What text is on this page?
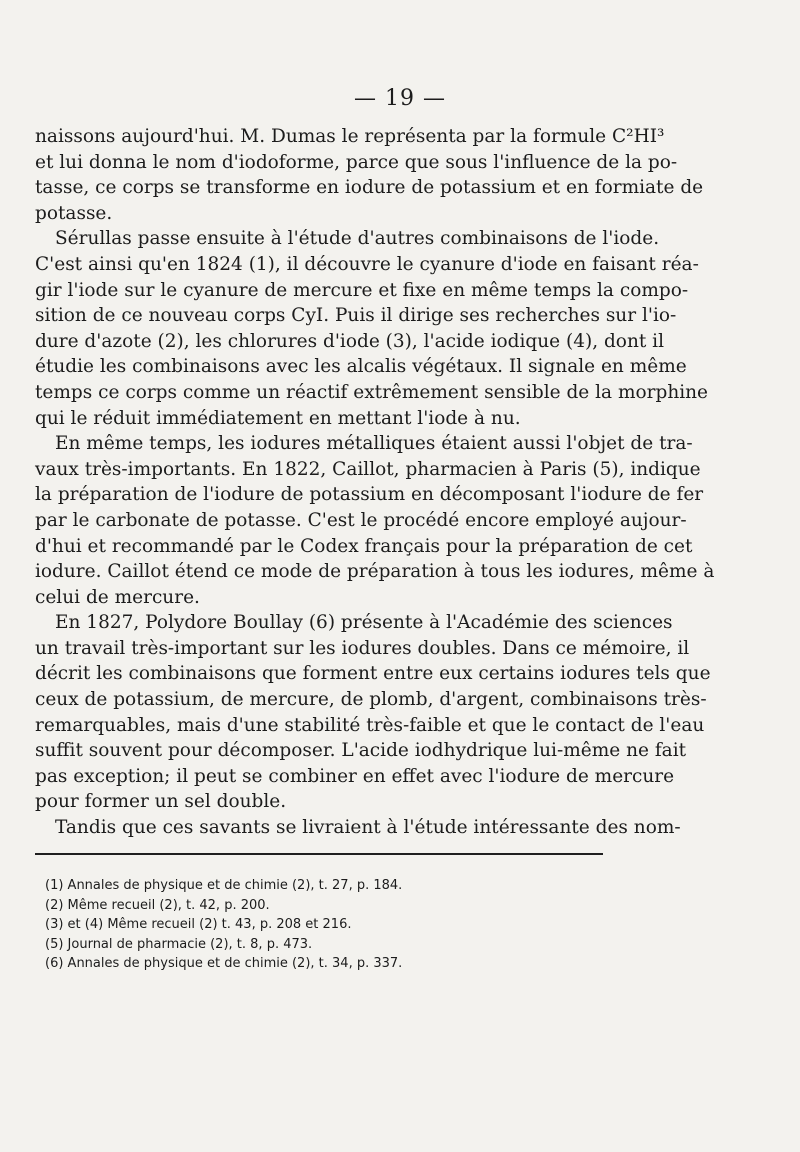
— 19 —
naissons aujourd'hui. M. Dumas le représenta par la formule C²HI³
et lui donna le nom d'iodoforme, parce que sous l'influence de la po-
tasse, ce corps se transforme en iodure de potassium et en formiate de
potasse.
Sérullas passe ensuite à l'étude d'autres combinaisons de l'iode.
C'est ainsi qu'en 1824 (1), il découvre le cyanure d'iode en faisant réa-
gir l'iode sur le cyanure de mercure et fixe en même temps la compo-
sition de ce nouveau corps CyI. Puis il dirige ses recherches sur l'io-
dure d'azote (2), les chlorures d'iode (3), l'acide iodique (4), dont il
étudie les combinaisons avec les alcalis végétaux. Il signale en même
temps ce corps comme un réactif extrêmement sensible de la morphine
qui le réduit immédiatement en mettant l'iode à nu.
En même temps, les iodures métalliques étaient aussi l'objet de tra-
vaux très-importants. En 1822, Caillot, pharmacien à Paris (5), indique
la préparation de l'iodure de potassium en décomposant l'iodure de fer
par le carbonate de potasse. C'est le procédé encore employé aujour-
d'hui et recommandé par le Codex français pour la préparation de cet
iodure. Caillot étend ce mode de préparation à tous les iodures, même à
celui de mercure.
En 1827, Polydore Boullay (6) présente à l'Académie des sciences
un travail très-important sur les iodures doubles. Dans ce mémoire, il
décrit les combinaisons que forment entre eux certains iodures tels que
ceux de potassium, de mercure, de plomb, d'argent, combinaisons très-
remarquables, mais d'une stabilité très-faible et que le contact de l'eau
suffit souvent pour décomposer. L'acide iodhydrique lui-même ne fait
pas exception; il peut se combiner en effet avec l'iodure de mercure
pour former un sel double.
Tandis que ces savants se livraient à l'étude intéressante des nom-
(1) Annales de physique et de chimie (2), t. 27, p. 184.
(2) Même recueil (2), t. 42, p. 200.
(3) et (4) Même recueil (2) t. 43, p. 208 et 216.
(5) Journal de pharmacie (2), t. 8, p. 473.
(6) Annales de physique et de chimie (2), t. 34, p. 337.
